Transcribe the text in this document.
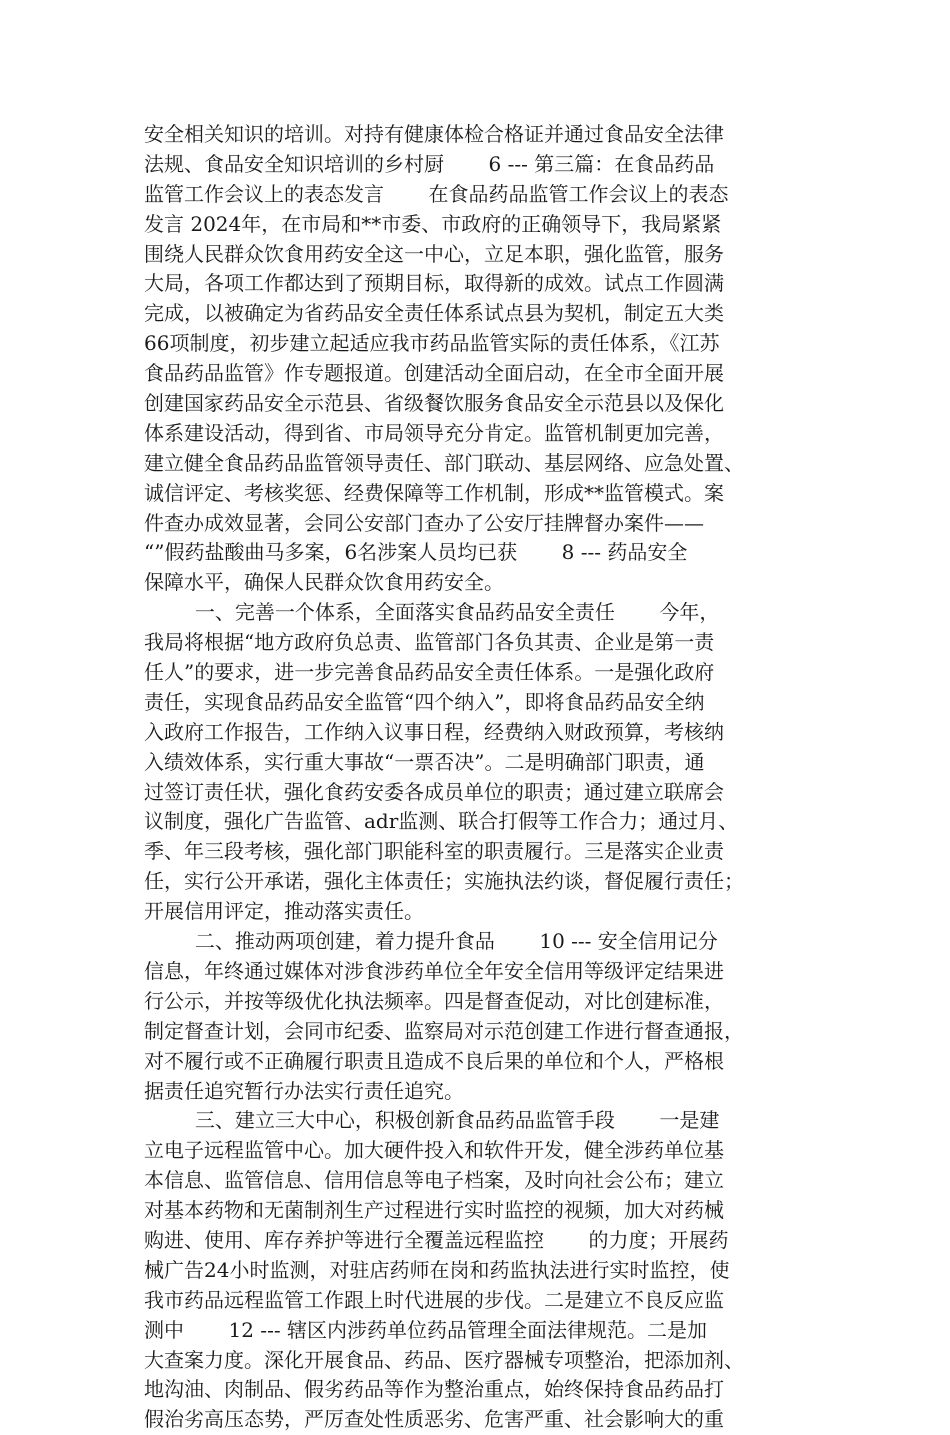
安全相关知识的培训。对持有健康体检合格证并通过食品安全法律
法规、食品安全知识培训的乡村厨       6 --- 第三篇：在食品药品
监管工作会议上的表态发言       在食品药品监管工作会议上的表态
发言 2024年，在市局和**市委、市政府的正确领导下，我局紧紧
围绕人民群众饮食用药安全这一中心，立足本职，强化监管，服务
大局，各项工作都达到了预期目标，取得新的成效。试点工作圆满
完成，以被确定为省药品安全责任体系试点县为契机，制定五大类
66项制度，初步建立起适应我市药品监管实际的责任体系，《江苏
食品药品监管》作专题报道。创建活动全面启动，在全市全面开展
创建国家药品安全示范县、省级餐饮服务食品安全示范县以及保化
体系建设活动，得到省、市局领导充分肯定。监管机制更加完善，
建立健全食品药品监管领导责任、部门联动、基层网络、应急处置、
诚信评定、考核奖惩、经费保障等工作机制，形成**监管模式。案
件查办成效显著，会同公安部门查办了公安厅挂牌督办案件——
“”假药盐酸曲马多案，6名涉案人员均已获       8 --- 药品安全
保障水平，确保人民群众饮食用药安全。
一、完善一个体系，全面落实食品药品安全责任       今年，
我局将根据“地方政府负总责、监管部门各负其责、企业是第一责
任人”的要求，进一步完善食品药品安全责任体系。一是强化政府
责任，实现食品药品安全监管“四个纳入”，即将食品药品安全纳
入政府工作报告，工作纳入议事日程，经费纳入财政预算，考核纳
入绩效体系，实行重大事故“一票否决”。二是明确部门职责，通
过签订责任状，强化食药安委各成员单位的职责；通过建立联席会
议制度，强化广告监管、adr监测、联合打假等工作合力；通过月、
季、年三段考核，强化部门职能科室的职责履行。三是落实企业责
任，实行公开承诺，强化主体责任；实施执法约谈，督促履行责任；
开展信用评定，推动落实责任。
二、推动两项创建，着力提升食品       10 --- 安全信用记分
信息，年终通过媒体对涉食涉药单位全年安全信用等级评定结果进
行公示，并按等级优化执法频率。四是督查促动，对比创建标准，
制定督查计划，会同市纪委、监察局对示范创建工作进行督查通报，
对不履行或不正确履行职责且造成不良后果的单位和个人，严格根
据责任追究暂行办法实行责任追究。
三、建立三大中心，积极创新食品药品监管手段       一是建
立电子远程监管中心。加大硬件投入和软件开发，健全涉药单位基
本信息、监管信息、信用信息等电子档案，及时向社会公布；建立
对基本药物和无菌制剂生产过程进行实时监控的视频，加大对药械
购进、使用、库存养护等进行全覆盖远程监控       的力度；开展药
械广告24小时监测，对驻店药师在岗和药监执法进行实时监控，使
我市药品远程监管工作跟上时代进展的步伐。二是建立不良反应监
测中       12 --- 辖区内涉药单位药品管理全面法律规范。二是加
大查案力度。深化开展食品、药品、医疗器械专项整治，把添加剂、
地沟油、肉制品、假劣药品等作为整治重点，始终保持食品药品打
假治劣高压态势，严厉查处性质恶劣、危害严重、社会影响大的重
